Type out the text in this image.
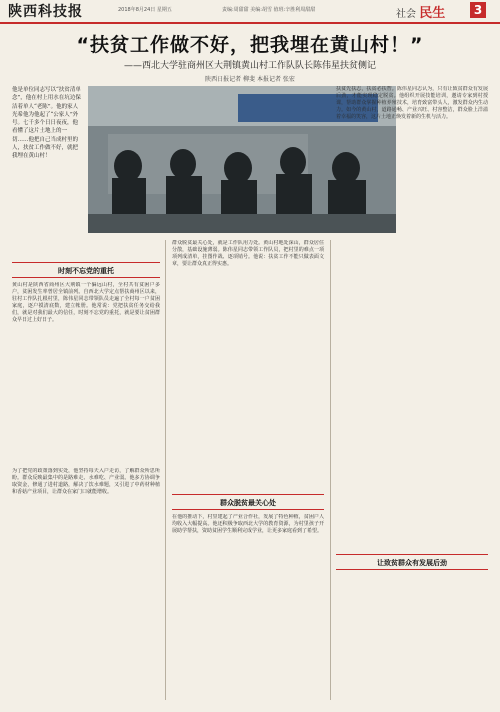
陕西科技报	2018年8月24日 星期五	责编:周甜甜 美编:胡雪 值班:辛胜利周甜甜	社会 民生	3
“扶贫工作做不好，把我埋在黄山村！”
——西北大学驻商州区大荆镇黄山村工作队队长陈伟星扶贫侧记
陕西日报记者 柳斐 本报记者 张宏
他是单位同志写以“扶贫清单念”，他在村上用水在坑边保洁着单人“老陈”。他的家人光希他为他起了“公家人”外号。七千多个日日夜夜，他看懂了这片土地上的一切……他把自己当成村里的人，扶贫工作做不好，就把我埋在黄山村！
时刻不忘党的重托
黄山村是陕西省商州区大荆镇一个偏远山村，全村共有贫困户多户，贫困发生率曾居全镇前列。自西北大学定点帮扶商州区以来，驻村工作队扎根村里，陈伟星同志带领队员走遍了全村每一户贫困家庭，逐户摸清底数，建立帐册。他常说：党把扶贫任务交给我们，就是对我们最大的信任，时刻不忘党的重托，就是要让贫困群众早日过上好日子。
为了把党的政策落到实处，他坚持每天入户走访，了解群众所思所盼。群众反映最集中的是路难走、水难吃、产业弱。他多方协调争取资金，修通了进村道路，解决了饮水难题，又引进了中药材种植和香菇产业项目，让群众在家门口就能增收。
群众脱贫最关心处，就是工作队用力处。黄山村地处深山，群众居住分散，基础设施薄弱。陈伟星同志带领工作队员，把村里的难点一项项列成清单，挂图作战、逐项销号。他说：扶贫工作不能只做表面文章，要让群众真正得实惠。
群众脱贫最关心处
在他的推动下，村里建起了产业合作社，发展了特色种植，贫困户人均收入大幅提高。他还积极争取西北大学的教育资源，为村里孩子开展助学帮扶，资助贫困学生顺利完成学业，让更多家庭看到了希望。
扶贫先扶志，扶贫必扶智。陈伟星同志认为，只有让致贫群众有发展后劲，才能实现稳定脱贫。他组织开展技能培训，邀请专家到村授课，帮助群众掌握种植养殖技术，培育致富带头人，激发群众内生动力。如今的黄山村，道路通畅、产业兴旺、村容整洁，群众脸上洋溢着幸福的笑容，这片土地正焕发着新的生机与活力。
让致贫群众有发展后劲
